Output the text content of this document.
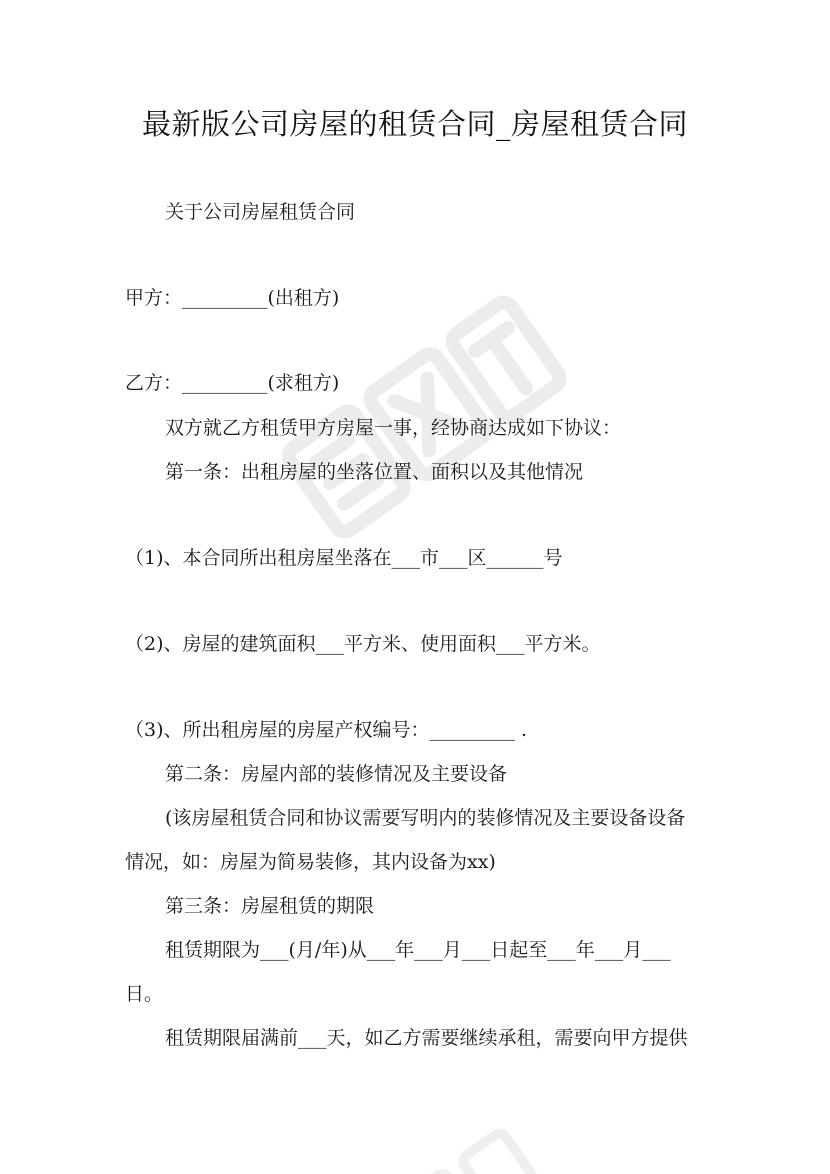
最新版公司房屋的租赁合同_房屋租赁合同
关于公司房屋租赁合同
甲方：_________(出租方)
乙方：_________(求租方)
双方就乙方租赁甲方房屋一事，经协商达成如下协议：
第一条：出租房屋的坐落位置、面积以及其他情况
（1)、本合同所出租房屋坐落在___市___区______号
（2)、房屋的建筑面积___平方米、使用面积___平方米。
（3)、所出租房屋的房屋产权编号：_________ .
第二条：房屋内部的装修情况及主要设备
(该房屋租赁合同和协议需要写明内的装修情况及主要设备设备
情况，如：房屋为简易装修，其内设备为xx)
第三条：房屋租赁的期限
租赁期限为___(月/年)从___年___月___日起至___年___月___
日。
租赁期限届满前___天，如乙方需要继续承租，需要向甲方提供
